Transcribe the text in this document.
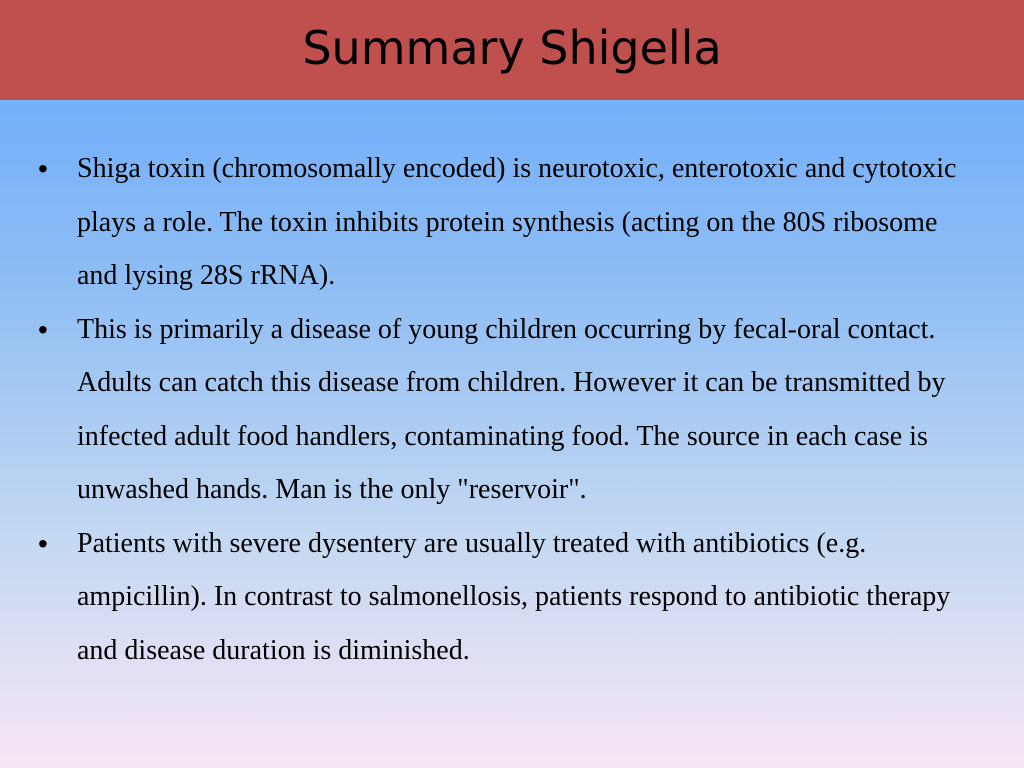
Summary Shigella
• Shiga toxin (chromosomally encoded) is neurotoxic, enterotoxic and cytotoxic plays a role. The toxin inhibits protein synthesis (acting on the 80S ribosome and lysing 28S rRNA).
• This is primarily a disease of young children occurring by fecal-oral contact. Adults can catch this disease from children. However it can be transmitted by infected adult food handlers, contaminating food. The source in each case is unwashed hands. Man is the only "reservoir".
• Patients with severe dysentery are usually treated with antibiotics (e.g. ampicillin). In contrast to salmonellosis, patients respond to antibiotic therapy and disease duration is diminished.
